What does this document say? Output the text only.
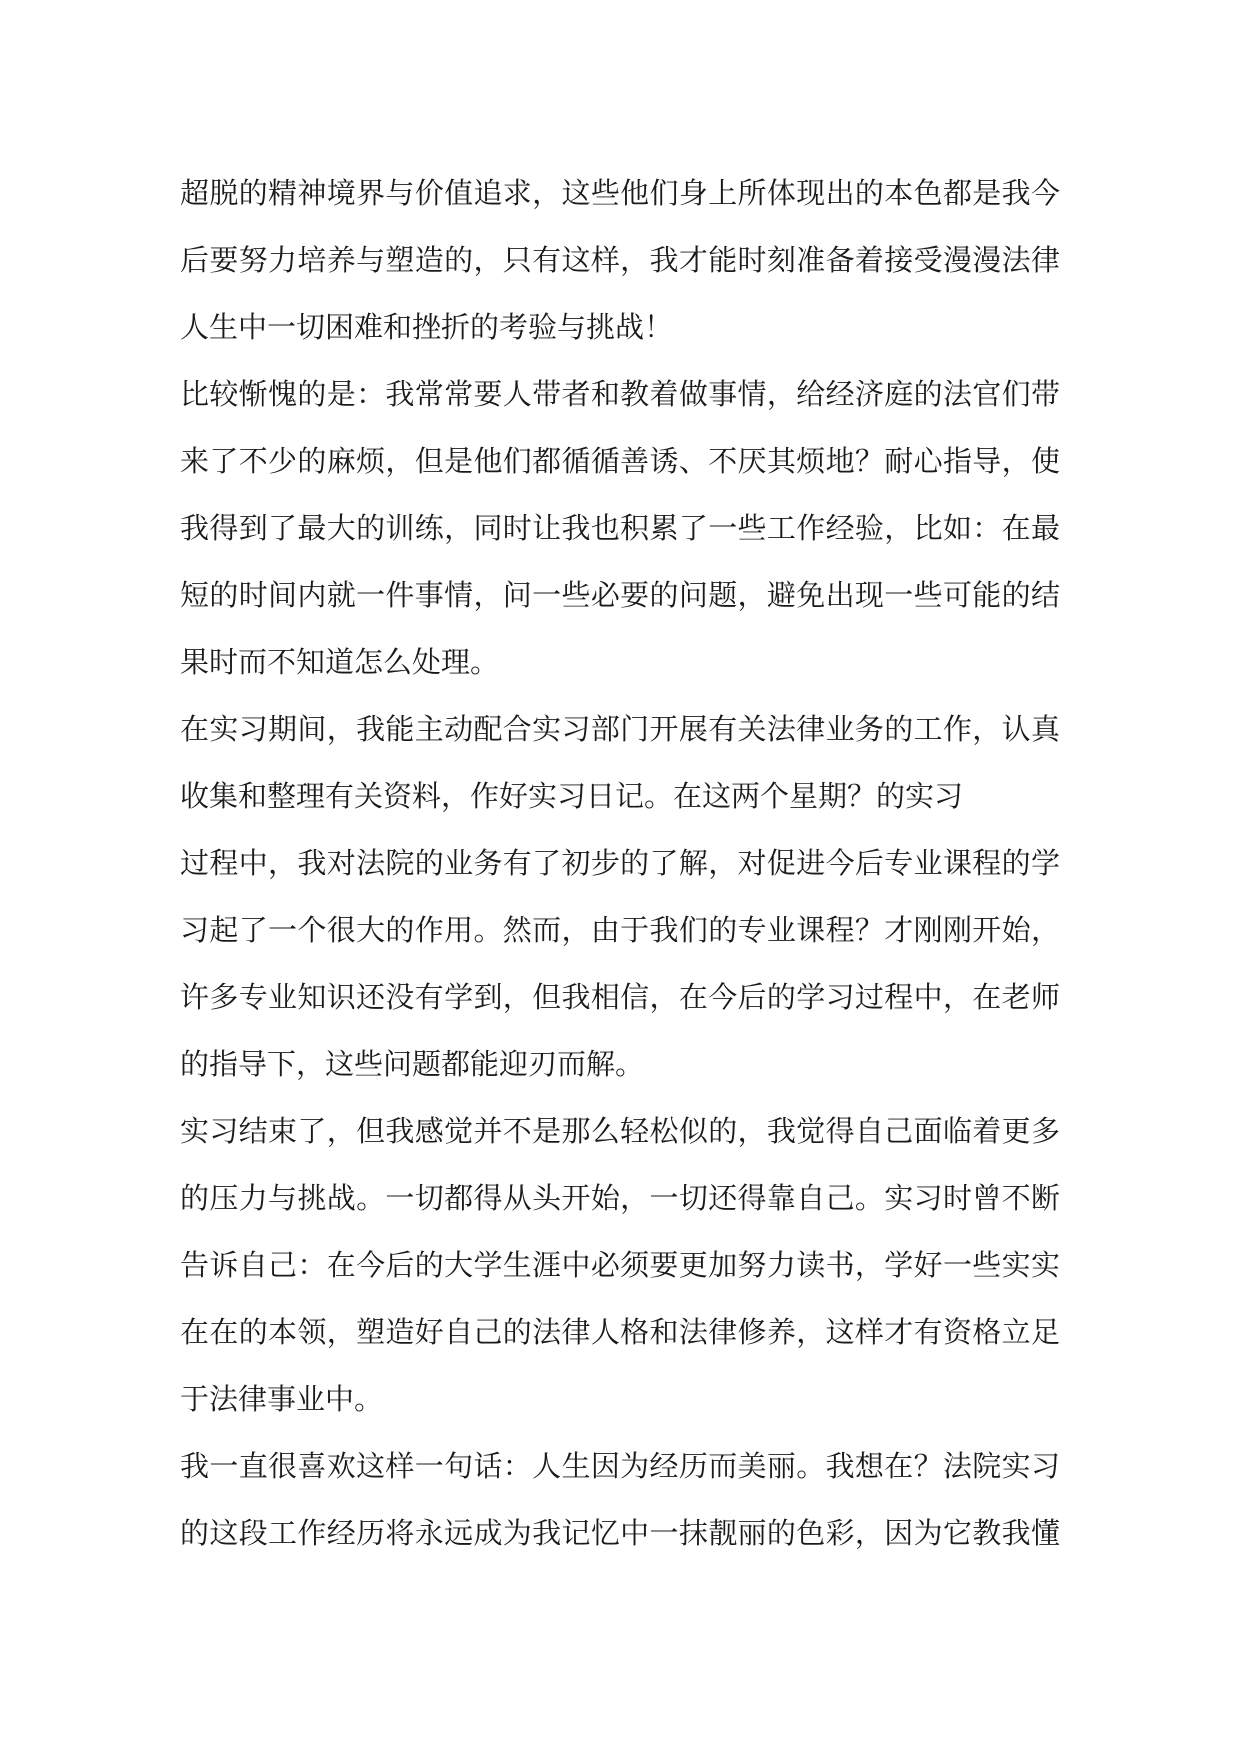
超脱的精神境界与价值追求，这些他们身上所体现出的本色都是我今
后要努力培养与塑造的，只有这样，我才能时刻准备着接受漫漫法律
人生中一切困难和挫折的考验与挑战！
比较惭愧的是：我常常要人带者和教着做事情，给经济庭的法官们带
来了不少的麻烦，但是他们都循循善诱、不厌其烦地？耐心指导，使
我得到了最大的训练，同时让我也积累了一些工作经验，比如：在最
短的时间内就一件事情，问一些必要的问题，避免出现一些可能的结
果时而不知道怎么处理。
在实习期间，我能主动配合实习部门开展有关法律业务的工作，认真
收集和整理有关资料，作好实习日记。在这两个星期？的实习
过程中，我对法院的业务有了初步的了解，对促进今后专业课程的学
习起了一个很大的作用。然而，由于我们的专业课程？才刚刚开始，
许多专业知识还没有学到，但我相信，在今后的学习过程中，在老师
的指导下，这些问题都能迎刃而解。
实习结束了，但我感觉并不是那么轻松似的，我觉得自己面临着更多
的压力与挑战。一切都得从头开始，一切还得靠自己。实习时曾不断
告诉自己：在今后的大学生涯中必须要更加努力读书，学好一些实实
在在的本领，塑造好自己的法律人格和法律修养，这样才有资格立足
于法律事业中。
我一直很喜欢这样一句话：人生因为经历而美丽。我想在？法院实习
的这段工作经历将永远成为我记忆中一抹靓丽的色彩，因为它教我懂
